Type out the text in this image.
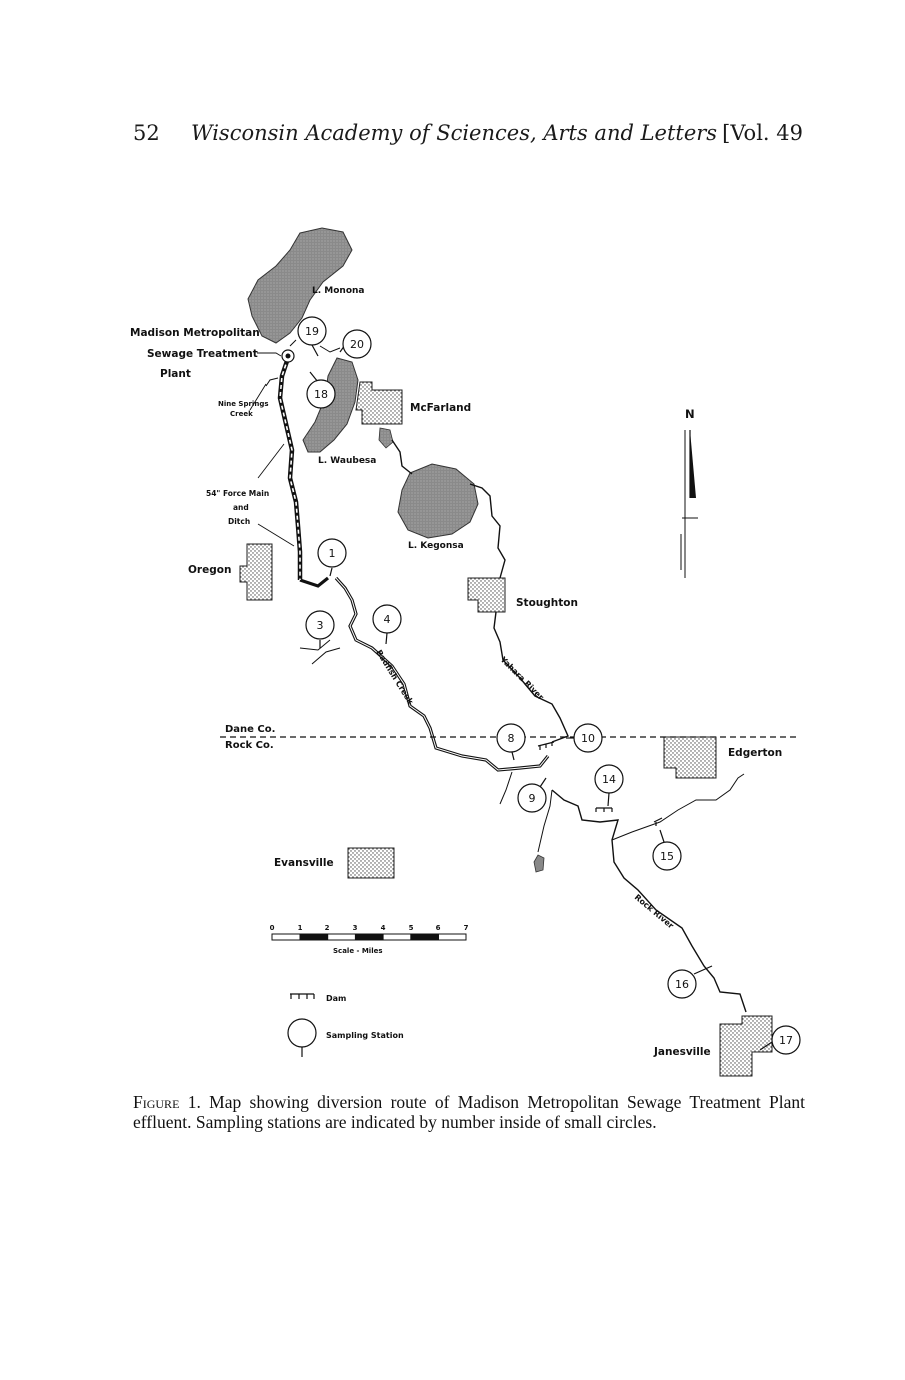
52 Wisconsin Academy of Sciences, Arts and Letters [Vol. 49
N
L. Monona
L. Waubesa
L. Kegonsa
McFarland
Oregon
Stoughton
Edgerton
Evansville
Janesville
Madison Metropolitan
Sewage Treatment
Plant
Nine Springs
Creek
54" Force Main
and
Ditch
Badfish Creek	Yahara River
Rock River
Dane Co.
Rock Co.
19
20
18
1
3	4
8
9
10
14
15
16
17
0	1	2	3	4	5	6	7
Scale - Miles
Dam
Sampling Station
Figure 1. Map showing diversion route of Madison Metropolitan Sewage Treatment Plant effluent. Sampling stations are indicated by number inside of small circles.
